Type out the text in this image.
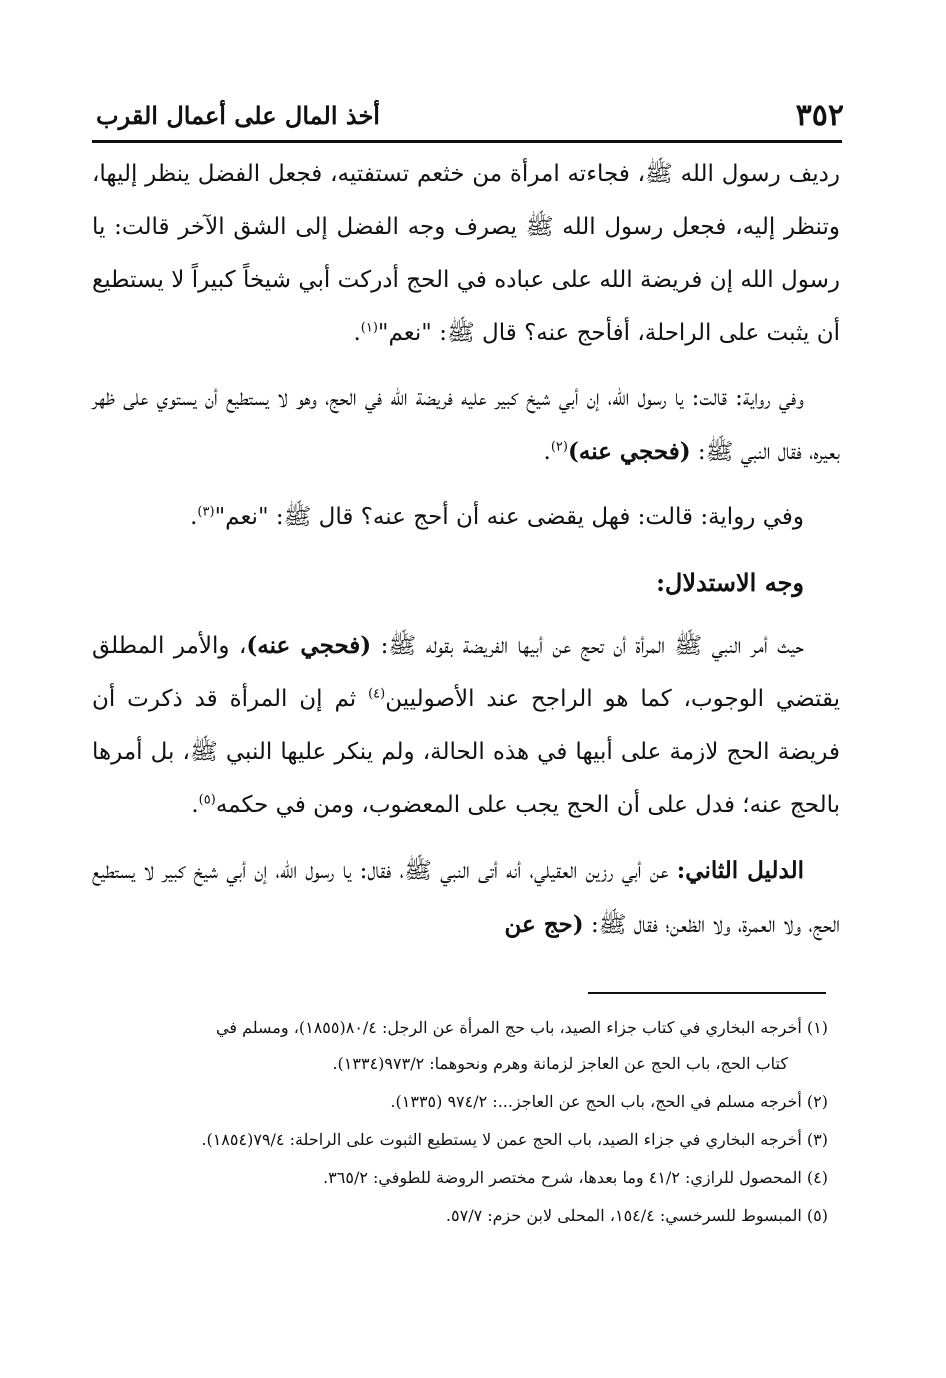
٣٥٢
أخذ المال على أعمال القرب

رديف رسول الله ﷺ، فجاءته امرأة من خثعم تستفتيه، فجعل الفضل ينظر إليها، وتنظر إليه، فجعل رسول الله ﷺ يصرف وجه الفضل إلى الشق الآخر قالت: يا رسول الله إن فريضة الله على عباده في الحج أدركت أبي شيخاً كبيراً لا يستطيع أن يثبت على الراحلة، أفأحج عنه؟ قال ﷺ: "نعم"$^{(١)}$.

وفي رواية: قالت: يا رسول الله، إن أبي شيخ كبير عليه فريضة الله في الحج، وهو لا يستطيع أن يستوي على ظهر بعيره، فقال النبي ﷺ: (فحجي عنه)$^{(٢)}$.

وفي رواية: قالت: فهل يقضى عنه أن أحج عنه؟ قال ﷺ: "نعم"$^{(٣)}$.

وجه الاستدلال:

حيث أمر النبي ﷺ المرأة أن تحج عن أبيها الفريضة بقوله ﷺ: (فحجي عنه)، والأمر المطلق يقتضي الوجوب، كما هو الراجح عند الأصوليين$^{(٤)}$ ثم إن المرأة قد ذكرت أن فريضة الحج لازمة على أبيها في هذه الحالة، ولم ينكر عليها النبي ﷺ، بل أمرها بالحج عنه؛ فدل على أن الحج يجب على المعضوب، ومن في حكمه$^{(٥)}$.

الدليل الثاني: عن أبي رزين العقيلي، أنه أتى النبي ﷺ، فقال: يا رسول الله، إن أبي شيخ كبير لا يستطيع الحج، ولا العمرة، ولا الظعن؛ فقال ﷺ: (حج عن

(١) أخرجه البخاري في كتاب جزاء الصيد، باب حج المرأة عن الرجل: ٨٠/٤(١٨٥٥)، ومسلم في
كتاب الحج، باب الحج عن العاجز لزمانة وهرم ونحوهما: ٩٧٣/٢(١٣٣٤).
(٢) أخرجه مسلم في الحج، باب الحج عن العاجز...: ٩٧٤/٢ (١٣٣٥).
(٣) أخرجه البخاري في جزاء الصيد، باب الحج عمن لا يستطيع الثبوت على الراحلة: ٧٩/٤(١٨٥٤).
(٤) المحصول للرازي: ٤١/٢ وما بعدها، شرح مختصر الروضة للطوفي: ٣٦٥/٢.
(٥) المبسوط للسرخسي: ١٥٤/٤، المحلى لابن حزم: ٥٧/٧.
